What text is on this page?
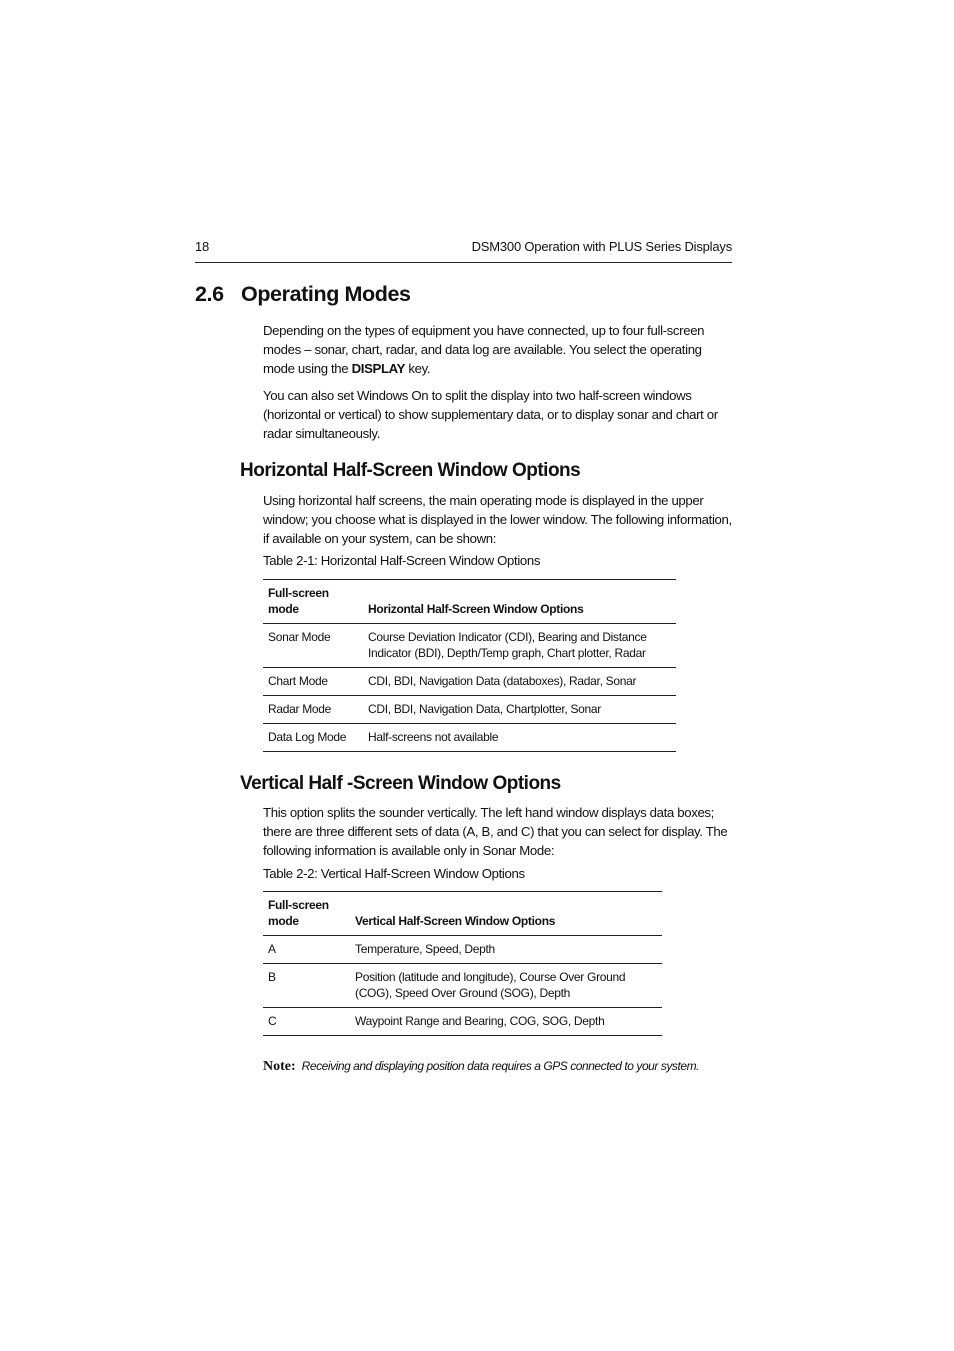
18	DSM300 Operation with PLUS Series Displays
2.6 Operating Modes

Depending on the types of equipment you have connected, up to four full-screen modes – sonar, chart, radar, and data log are available. You select the operating mode using the DISPLAY key.

You can also set Windows On to split the display into two half-screen windows (horizontal or vertical) to show supplementary data, or to display sonar and chart or radar simultaneously.

Horizontal Half-Screen Window Options

Using horizontal half screens, the main operating mode is displayed in the upper window; you choose what is displayed in the lower window. The following information, if available on your system, can be shown:

Table 2-1: Horizontal Half-Screen Window Options

Full-screen mode	Horizontal Half-Screen Window Options
Sonar Mode	Course Deviation Indicator (CDI), Bearing and Distance Indicator (BDI), Depth/Temp graph, Chart plotter, Radar
Chart Mode	CDI, BDI, Navigation Data (databoxes), Radar, Sonar
Radar Mode	CDI, BDI, Navigation Data, Chartplotter, Sonar
Data Log Mode	Half-screens not available
Vertical Half -Screen Window Options

This option splits the sounder vertically. The left hand window displays data boxes; there are three different sets of data (A, B, and C) that you can select for display. The following information is available only in Sonar Mode:

Table 2-2: Vertical Half-Screen Window Options

Full-screen mode	Vertical Half-Screen Window Options
A	Temperature, Speed, Depth
B	Position (latitude and longitude), Course Over Ground (COG), Speed Over Ground (SOG), Depth
C	Waypoint Range and Bearing, COG, SOG, Depth

Note: Receiving and displaying position data requires a GPS connected to your system.
